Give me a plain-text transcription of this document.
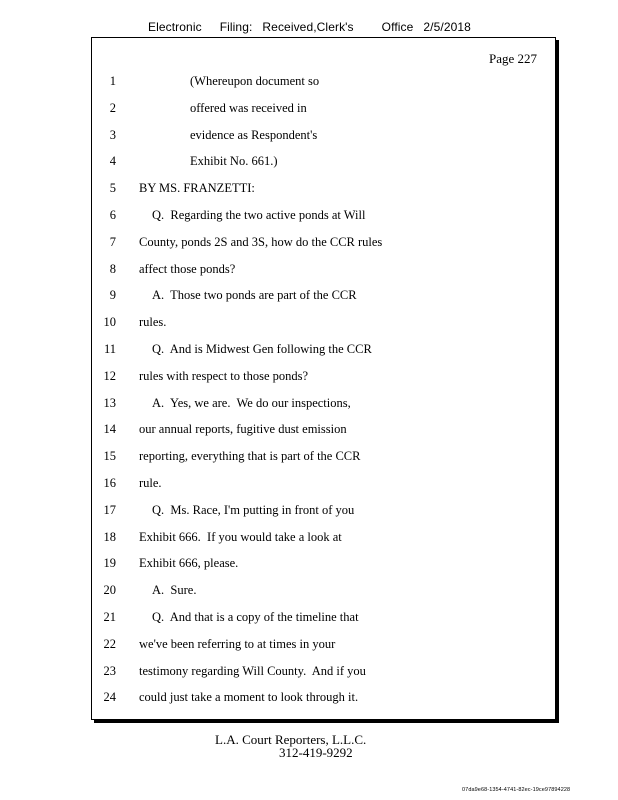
Electronic Filing: Received,Clerk's Office 2/5/2018
Page 227
1	(Whereupon document so
2	offered was received in
3	evidence as Respondent's
4	Exhibit No. 661.)
5 BY MS. FRANZETTI:
6	Q.  Regarding the two active ponds at Will
7 County, ponds 2S and 3S, how do the CCR rules
8 affect those ponds?
9	A.  Those two ponds are part of the CCR
10 rules.
11	Q.  And is Midwest Gen following the CCR
12 rules with respect to those ponds?
13	A.  Yes, we are.  We do our inspections,
14 our annual reports, fugitive dust emission
15 reporting, everything that is part of the CCR
16 rule.
17	Q.  Ms. Race, I'm putting in front of you
18 Exhibit 666.  If you would take a look at
19 Exhibit 666, please.
20	A.  Sure.
21	Q.  And that is a copy of the timeline that
22 we've been referring to at times in your
23 testimony regarding Will County.  And if you
24 could just take a moment to look through it.
L.A. Court Reporters, L.L.C.
312-419-9292
07da9e68-1354-4741-82ec-19ce97894228
